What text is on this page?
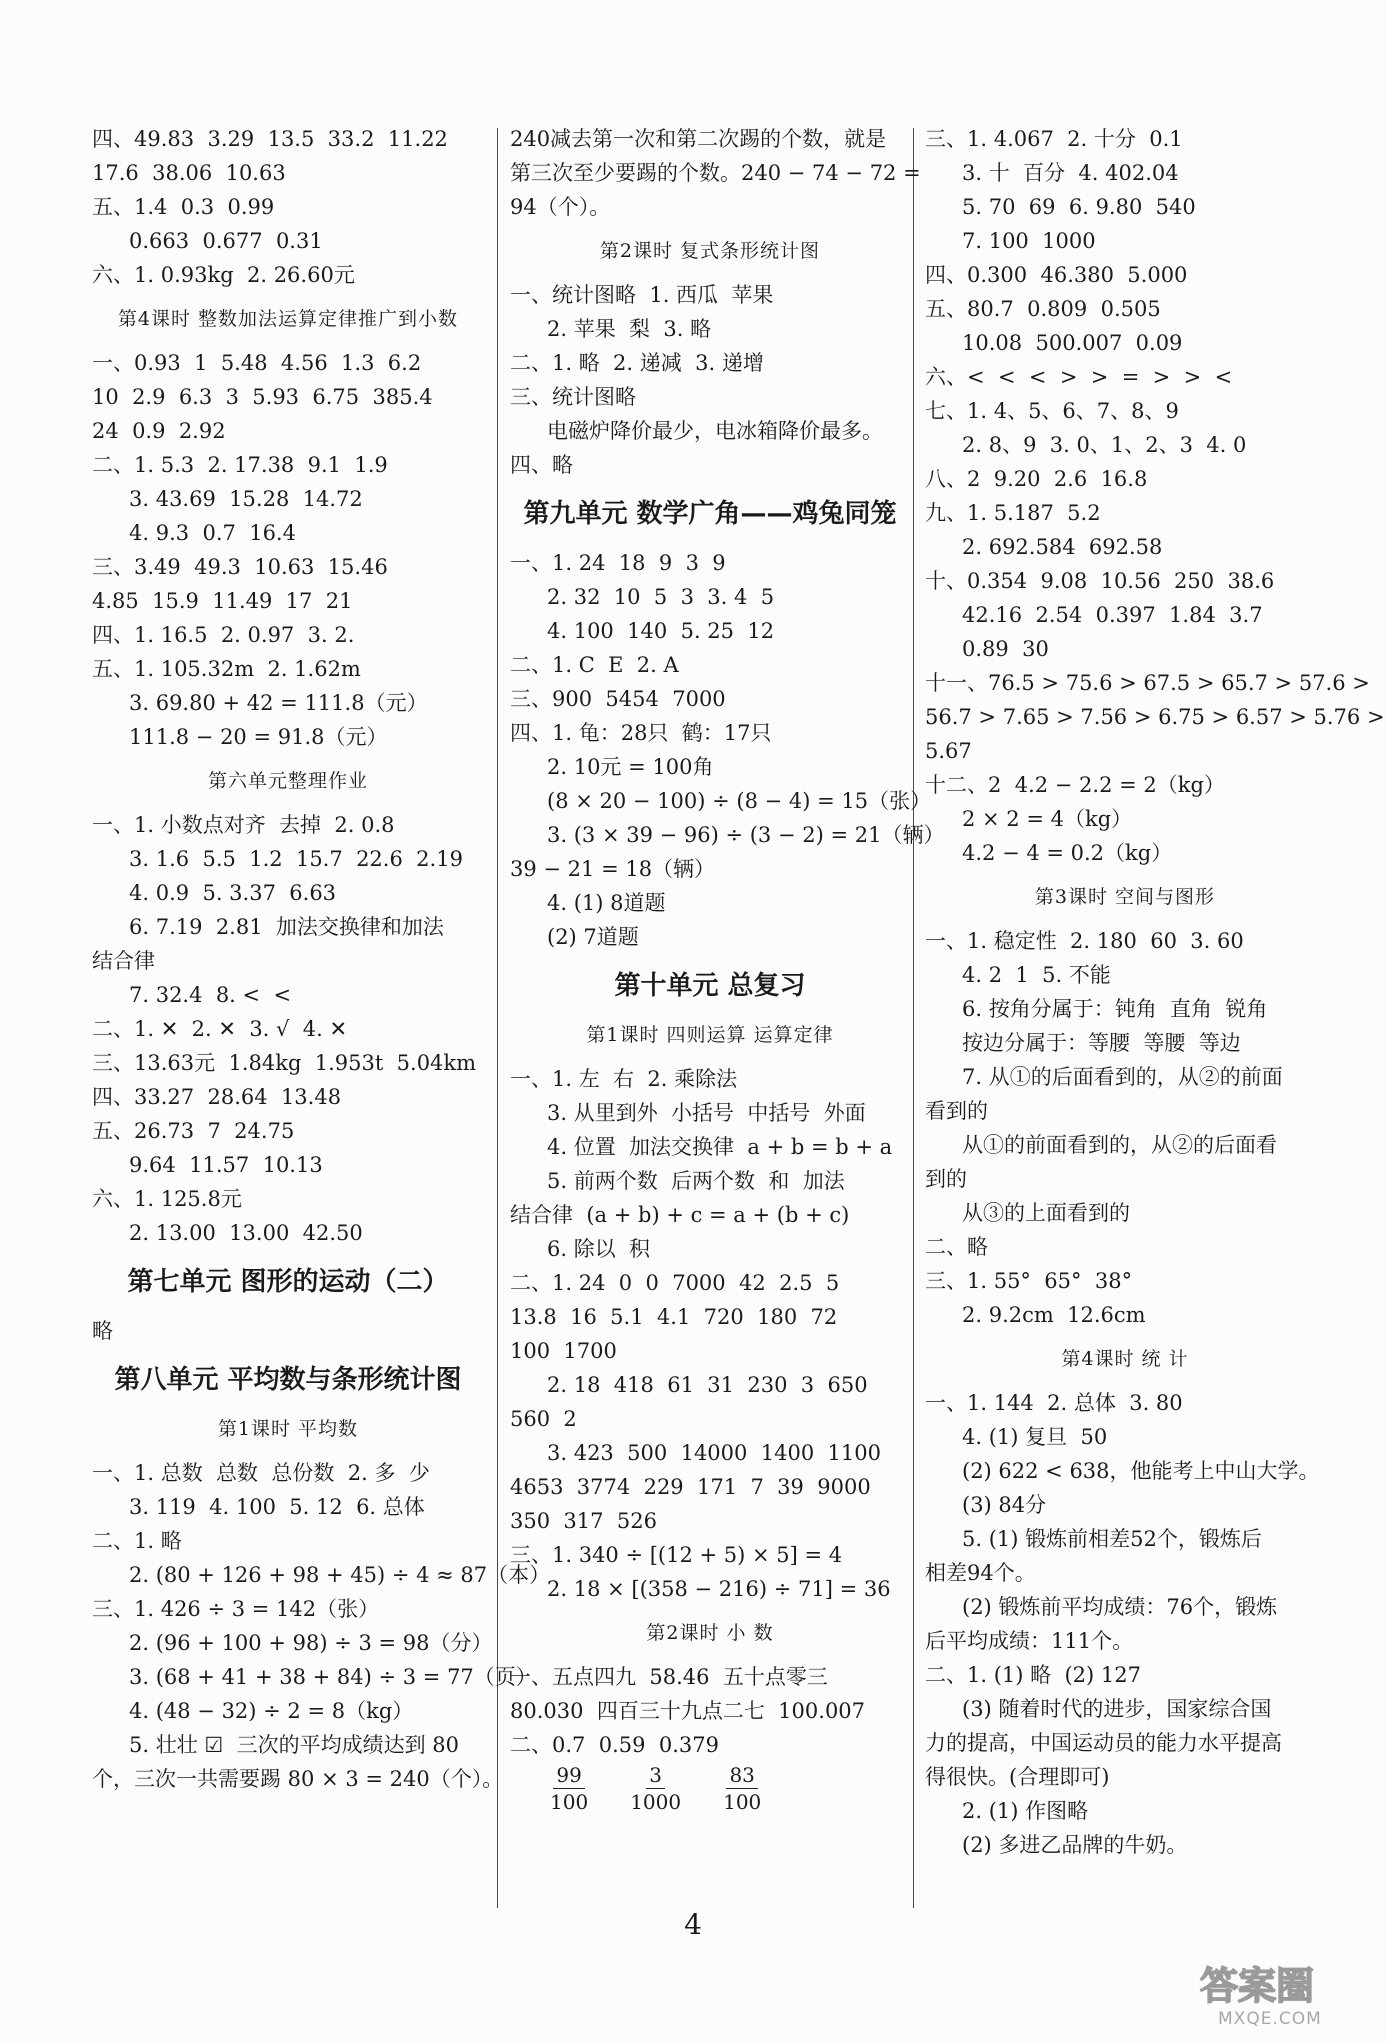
四、49.83  3.29  13.5  33.2  11.22
17.6  38.06  10.63
五、1.4  0.3  0.99
0.663  0.677  0.31
六、1. 0.93kg  2. 26.60元
第4课时 整数加法运算定律推广到小数
一、0.93  1  5.48  4.56  1.3  6.2
10  2.9  6.3  3  5.93  6.75  385.4
24  0.9  2.92
二、1. 5.3  2. 17.38  9.1  1.9
3. 43.69  15.28  14.72
4. 9.3  0.7  16.4
三、3.49  49.3  10.63  15.46
4.85  15.9  11.49  17  21
四、1. 16.5  2. 0.97  3. 2.
五、1. 105.32m  2. 1.62m
3. 69.80 + 42 = 111.8（元）
111.8 − 20 = 91.8（元）
第六单元整理作业
一、1. 小数点对齐  去掉  2. 0.8
3. 1.6  5.5  1.2  15.7  22.6  2.19
4. 0.9  5. 3.37  6.63
6. 7.19  2.81  加法交换律和加法
结合律
7. 32.4  8. <  <
二、1. ✕  2. ✕  3. √  4. ✕
三、13.63元  1.84kg  1.953t  5.04km
四、33.27  28.64  13.48
五、26.73  7  24.75
9.64  11.57  10.13
六、1. 125.8元
2. 13.00  13.00  42.50
第七单元 图形的运动（二）
略
第八单元 平均数与条形统计图
第1课时 平均数
一、1. 总数  总数  总份数  2. 多  少
3. 119  4. 100  5. 12  6. 总体
二、1. 略
2. (80 + 126 + 98 + 45) ÷ 4 ≈ 87（本）
三、1. 426 ÷ 3 = 142（张）
2. (96 + 100 + 98) ÷ 3 = 98（分）
3. (68 + 41 + 38 + 84) ÷ 3 = 77（页）
4. (48 − 32) ÷ 2 = 8（kg）
5. 壮壮 ☑  三次的平均成绩达到 80
个，三次一共需要踢 80 × 3 = 240（个）。
240减去第一次和第二次踢的个数，就是
第三次至少要踢的个数。240 − 74 − 72 =
94（个）。
第2课时 复式条形统计图
一、统计图略  1. 西瓜  苹果
2. 苹果  梨  3. 略
二、1. 略  2. 递减  3. 递增
三、统计图略
电磁炉降价最少，电冰箱降价最多。
四、略
第九单元 数学广角——鸡兔同笼
一、1. 24  18  9  3  9
2. 32  10  5  3  3. 4  5
4. 100  140  5. 25  12
二、1. C  E  2. A
三、900  5454  7000
四、1. 龟：28只  鹤：17只
2. 10元 = 100角
(8 × 20 − 100) ÷ (8 − 4) = 15（张）
3. (3 × 39 − 96) ÷ (3 − 2) = 21（辆）
39 − 21 = 18（辆）
4. (1) 8道题
(2) 7道题
第十单元 总复习
第1课时 四则运算 运算定律
一、1. 左  右  2. 乘除法
3. 从里到外  小括号  中括号  外面
4. 位置  加法交换律  a + b = b + a
5. 前两个数  后两个数  和  加法
结合律  (a + b) + c = a + (b + c)
6. 除以  积
二、1. 24  0  0  7000  42  2.5  5
13.8  16  5.1  4.1  720  180  72
100  1700
2. 18  418  61  31  230  3  650
560  2
3. 423  500  14000  1400  1100
4653  3774  229  171  7  39  9000
350  317  526
三、1. 340 ÷ [(12 + 5) × 5] = 4
2. 18 × [(358 − 216) ÷ 71] = 36
第2课时 小 数
一、五点四九  58.46  五十点零三
80.030  四百三十九点二七  100.007
二、0.7  0.59  0.379
$\frac{99}{100} \frac{3}{1000} \frac{83}{100}$
三、1. 4.067  2. 十分  0.1
3. 十  百分  4. 402.04
5. 70  69  6. 9.80  540
7. 100  1000
四、0.300  46.380  5.000
五、80.7  0.809  0.505
10.08  500.007  0.09
六、<  <  <  >  >  =  >  >  <
七、1. 4、5、6、7、8、9
2. 8、9  3. 0、1、2、3  4. 0
八、2  9.20  2.6  16.8
九、1. 5.187  5.2
2. 692.584  692.58
十、0.354  9.08  10.56  250  38.6
42.16  2.54  0.397  1.84  3.7
0.89  30
十一、76.5 > 75.6 > 67.5 > 65.7 > 57.6 >
56.7 > 7.65 > 7.56 > 6.75 > 6.57 > 5.76 >
5.67
十二、2  4.2 − 2.2 = 2（kg）
2 × 2 = 4（kg）
4.2 − 4 = 0.2（kg）
第3课时 空间与图形
一、1. 稳定性  2. 180  60  3. 60
4. 2  1  5. 不能
6. 按角分属于：钝角  直角  锐角
按边分属于：等腰  等腰  等边
7. 从①的后面看到的，从②的前面
看到的
从①的前面看到的，从②的后面看
到的
从③的上面看到的
二、略
三、1. 55°  65°  38°
2. 9.2cm  12.6cm
第4课时 统 计
一、1. 144  2. 总体  3. 80
4. (1) 复旦  50
(2) 622 < 638，他能考上中山大学。
(3) 84分
5. (1) 锻炼前相差52个，锻炼后
相差94个。
(2) 锻炼前平均成绩：76个，锻炼
后平均成绩：111个。
二、1. (1) 略  (2) 127
(3) 随着时代的进步，国家综合国
力的提高，中国运动员的能力水平提高
得很快。(合理即可)
2. (1) 作图略
(2) 多进乙品牌的牛奶。
4
答案圈
MXQE.COM
